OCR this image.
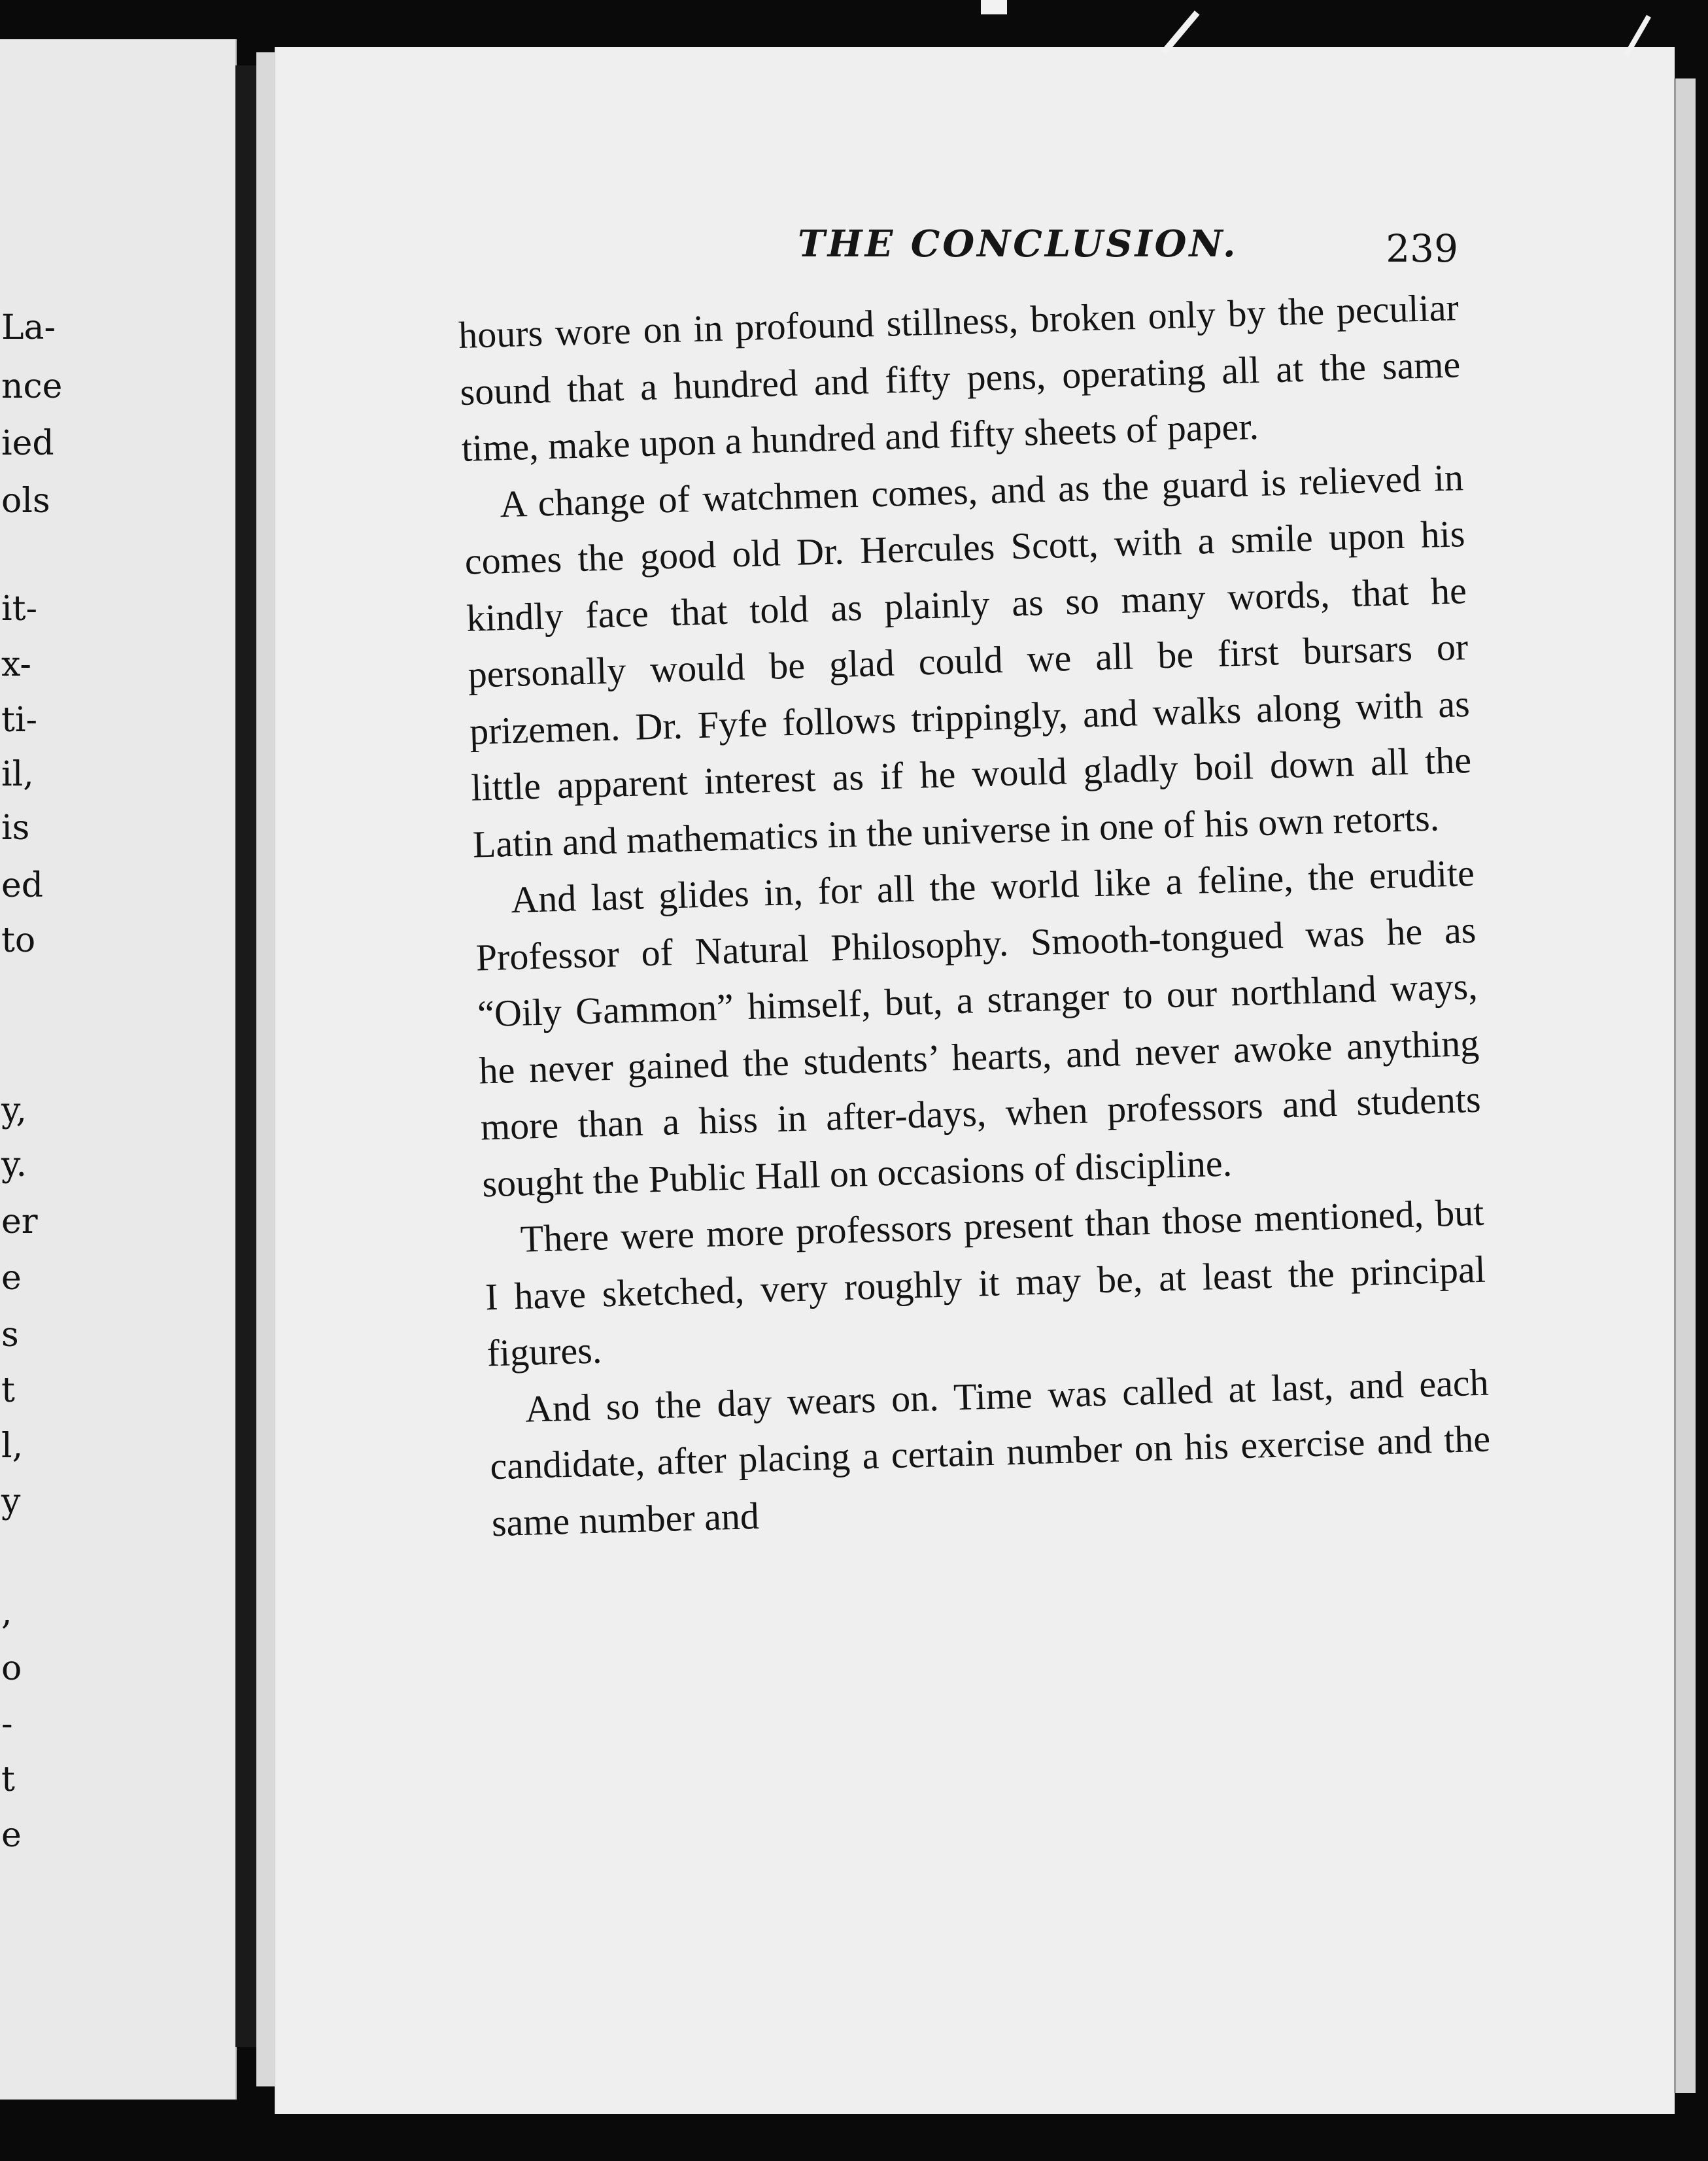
La-
nce
ied
ols
it-
x-
ti-
il,
is
ed
to
y,
y.
er
e
s
t
l,
y
,
o
-
t
e
THE CONCLUSION.	239

hours wore on in profound stillness, broken only by the peculiar sound that a hundred and fifty pens, operating all at the same time, make upon a hundred and fifty sheets of paper.

A change of watchmen comes, and as the guard is relieved in comes the good old Dr. Hercules Scott, with a smile upon his kindly face that told as plainly as so many words, that he personally would be glad could we all be first bursars or prizemen. Dr. Fyfe follows trippingly, and walks along with as little apparent interest as if he would gladly boil down all the Latin and mathematics in the universe in one of his own retorts.

And last glides in, for all the world like a feline, the erudite Professor of Natural Philosophy. Smooth-tongued was he as “Oily Gammon” himself, but, a stranger to our northland ways, he never gained the students’ hearts, and never awoke anything more than a hiss in after-days, when professors and students sought the Public Hall on occasions of discipline.

There were more professors present than those mentioned, but I have sketched, very roughly it may be, at least the principal figures.

And so the day wears on. Time was called at last, and each candidate, after placing a certain number on his exercise and the same number and
